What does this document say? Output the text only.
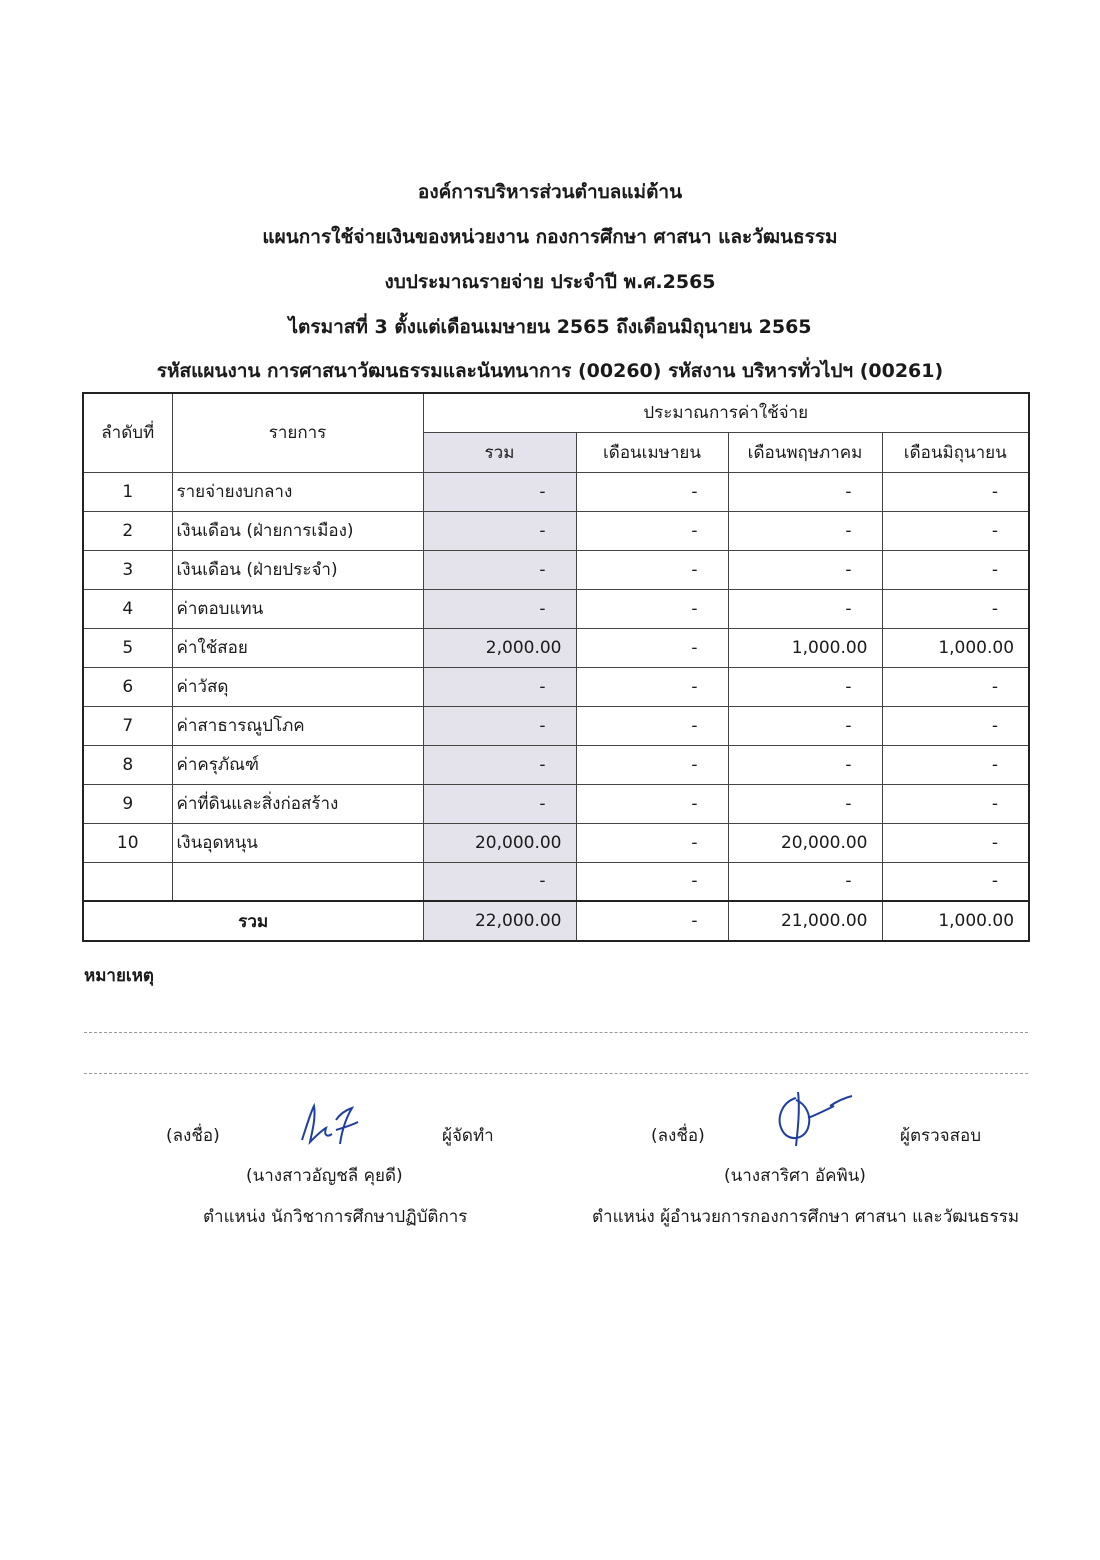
องค์การบริหารส่วนตำบลแม่ต้าน
แผนการใช้จ่ายเงินของหน่วยงาน กองการศึกษา ศาสนา และวัฒนธรรม
งบประมาณรายจ่าย ประจำปี พ.ศ.2565
ไตรมาสที่ 3 ตั้งแต่เดือนเมษายน 2565 ถึงเดือนมิถุนายน 2565
รหัสแผนงาน การศาสนาวัฒนธรรมและนันทนาการ (00260) รหัสงาน บริหารทั่วไปฯ (00261)
ลำดับที่	รายการ	ประมาณการค่าใช้จ่าย			
		รวม	เดือนเมษายน	เดือนพฤษภาคม	เดือนมิถุนายน
1	รายจ่ายงบกลาง	-	-	-	-
2	เงินเดือน (ฝ่ายการเมือง)	-	-	-	-
3	เงินเดือน (ฝ่ายประจำ)	-	-	-	-
4	ค่าตอบแทน	-	-	-	-
5	ค่าใช้สอย	2,000.00	-	1,000.00	1,000.00
6	ค่าวัสดุ	-	-	-	-
7	ค่าสาธารณูปโภค	-	-	-	-
8	ค่าครุภัณฑ์	-	-	-	-
9	ค่าที่ดินและสิ่งก่อสร้าง	-	-	-	-
10	เงินอุดหนุน	20,000.00	-	20,000.00	-
		-	-	-	-
รวม		22,000.00	-	21,000.00	1,000.00
หมายเหตุ
(ลงชื่อ)	ผู้จัดทำ
(นางสาวอัญชลี คุยดี)
ตำแหน่ง นักวิชาการศึกษาปฏิบัติการ
(ลงชื่อ)	ผู้ตรวจสอบ
(นางสาริศา อัคพิน)
ตำแหน่ง ผู้อำนวยการกองการศึกษา ศาสนา และวัฒนธรรม
